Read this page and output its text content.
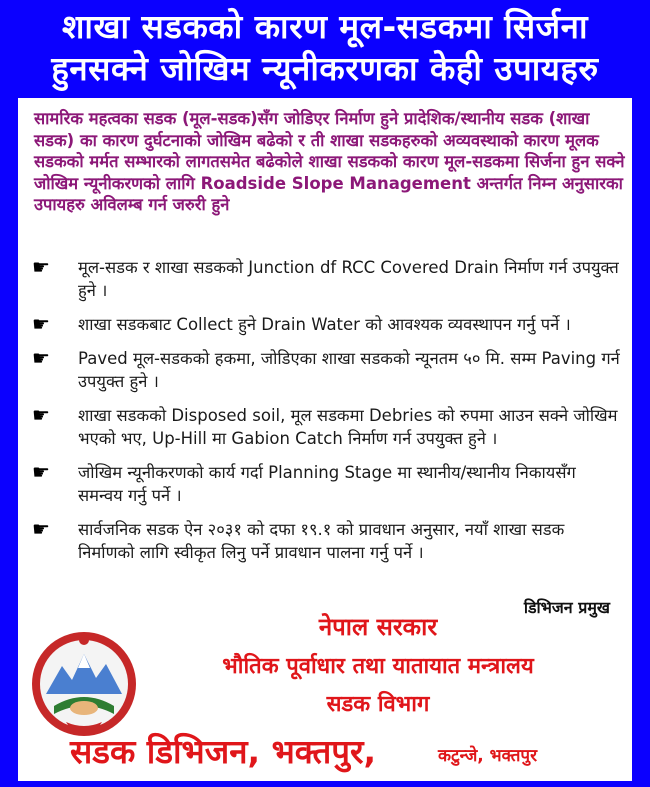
शाखा सडकको कारण मूल-सडकमा सिर्जना
हुनसक्ने जोखिम न्यूनीकरणका केही उपायहरु
सामरिक महत्वका सडक (मूल-सडक)सँग जोडिएर निर्माण हुने प्रादेशिक/स्थानीय सडक (शाखा सडक) का कारण दुर्घटनाको जोखिम बढेको र ती शाखा सडकहरुको अव्यवस्थाको कारण मूलक सडकको मर्मत सम्भारको लागतसमेत बढेकोले शाखा सडकको कारण मूल-सडकमा सिर्जना हुन सक्ने जोखिम न्यूनीकरणको लागि Roadside Slope Management अन्तर्गत निम्न अनुसारका उपायहरु अविलम्ब गर्न जरुरी हुने
☛	मूल-सडक र शाखा सडकको Junction df RCC Covered Drain निर्माण गर्न उपयुक्त हुने ।
☛	शाखा सडकबाट Collect हुने Drain Water को आवश्यक व्यवस्थापन गर्नु पर्ने ।
☛	Paved मूल-सडकको हकमा, जोडिएका शाखा सडकको न्यूनतम ५० मि. सम्म Paving गर्न उपयुक्त हुने ।
☛	शाखा सडकको Disposed soil, मूल सडकमा Debries को रुपमा आउन सक्ने जोखिम भएको भए, Up-Hill मा Gabion Catch निर्माण गर्न उपयुक्त हुने ।
☛	जोखिम न्यूनीकरणको कार्य गर्दा Planning Stage मा स्थानीय/स्थानीय निकायसँग समन्वय गर्नु पर्ने ।
☛	सार्वजनिक सडक ऐन २०३१ को दफा १९.१ को प्रावधान अनुसार, नयाँ शाखा सडक निर्माणको लागि स्वीकृत लिनु पर्ने प्रावधान पालना गर्नु पर्ने ।
डिभिजन प्रमुख
नेपाल सरकार
भौतिक पूर्वाधार तथा यातायात मन्त्रालय
सडक विभाग
सडक डिभिजन, भक्तपुर,	कटुन्जे, भक्तपुर
